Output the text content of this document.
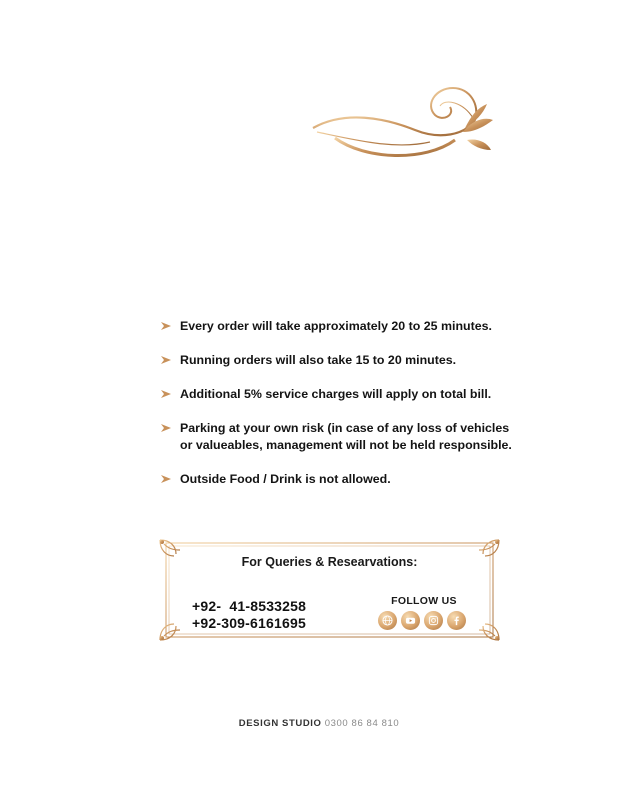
Every order will take approximately 20 to 25 minutes.
Running orders will also take 15 to 20 minutes.
Additional 5% service charges will apply on total bill.
Parking at your own risk (in case of any loss of vehicles
or valueables, management will not be held responsible.
Outside Food / Drink is not allowed.
For Queries & Researvations:
+92-  41-8533258
+92-309-6161695
FOLLOW US
DESIGN STUDIO 0300 86 84 810
